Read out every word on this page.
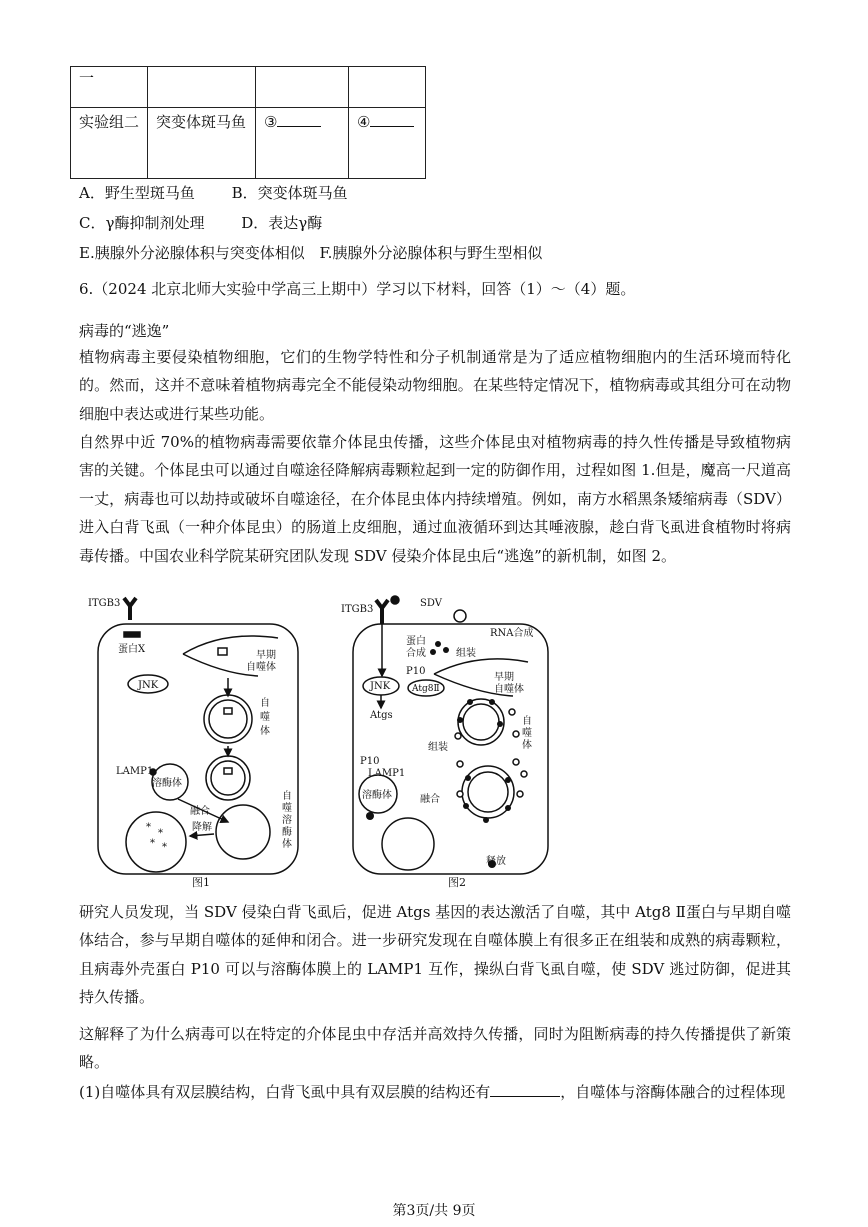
一			
实验组二	突变体斑马鱼	③	④
A．野生型斑马鱼 B．突变体斑马鱼
C．γ酶抑制剂处理 D．表达γ酶
E.胰腺外分泌腺体积与突变体相似 F.胰腺外分泌腺体积与野生型相似
6.（2024 北京北师大实验中学高三上期中）学习以下材料，回答（1）～（4）题。
病毒的“逃逸”
植物病毒主要侵染植物细胞，它们的生物学特性和分子机制通常是为了适应植物细胞内的生活环境而特化的。然而，这并不意味着植物病毒完全不能侵染动物细胞。在某些特定情况下，植物病毒或其组分可在动物细胞中表达或进行某些功能。
自然界中近 70%的植物病毒需要依靠介体昆虫传播，这些介体昆虫对植物病毒的持久性传播是导致植物病害的关键。个体昆虫可以通过自噬途径降解病毒颗粒起到一定的防御作用，过程如图 1.但是，魔高一尺道高一丈，病毒也可以劫持或破坏自噬途径，在介体昆虫体内持续增殖。例如，南方水稻黑条矮缩病毒（SDV）进入白背飞虱（一种介体昆虫）的肠道上皮细胞，通过血液循环到达其唾液腺，趁白背飞虱进食植物时将病毒传播。中国农业科学院某研究团队发现 SDV 侵染介体昆虫后“逃逸”的新机制，如图 2。
*
*
* *
ITGB3
蛋白X
JNK
早期
自噬体
自
噬
体
LAMP1
溶酶体
融合
降解
自
噬
溶
酶
体
图1
ITGB3
SDV
RNA合成
蛋白
合成	组装
P10
JNK Atg8Ⅱ
Atgs
早期
自噬体
自
噬
体
组装
P10
LAMP1
溶酶体	融合
释放
图2
研究人员发现，当 SDV 侵染白背飞虱后，促进 Atgs 基因的表达激活了自噬，其中 Atg8 Ⅱ蛋白与早期自噬体结合，参与早期自噬体的延伸和闭合。进一步研究发现在自噬体膜上有很多正在组装和成熟的病毒颗粒，且病毒外壳蛋白 P10 可以与溶酶体膜上的 LAMP1 互作，操纵白背飞虱自噬，使 SDV 逃过防御，促进其持久传播。
这解释了为什么病毒可以在特定的介体昆虫中存活并高效持久传播，同时为阻断病毒的持久传播提供了新策略。
(1)自噬体具有双层膜结构，白背飞虱中具有双层膜的结构还有	，自噬体与溶酶体融合的过程体现
第3页/共 9页
